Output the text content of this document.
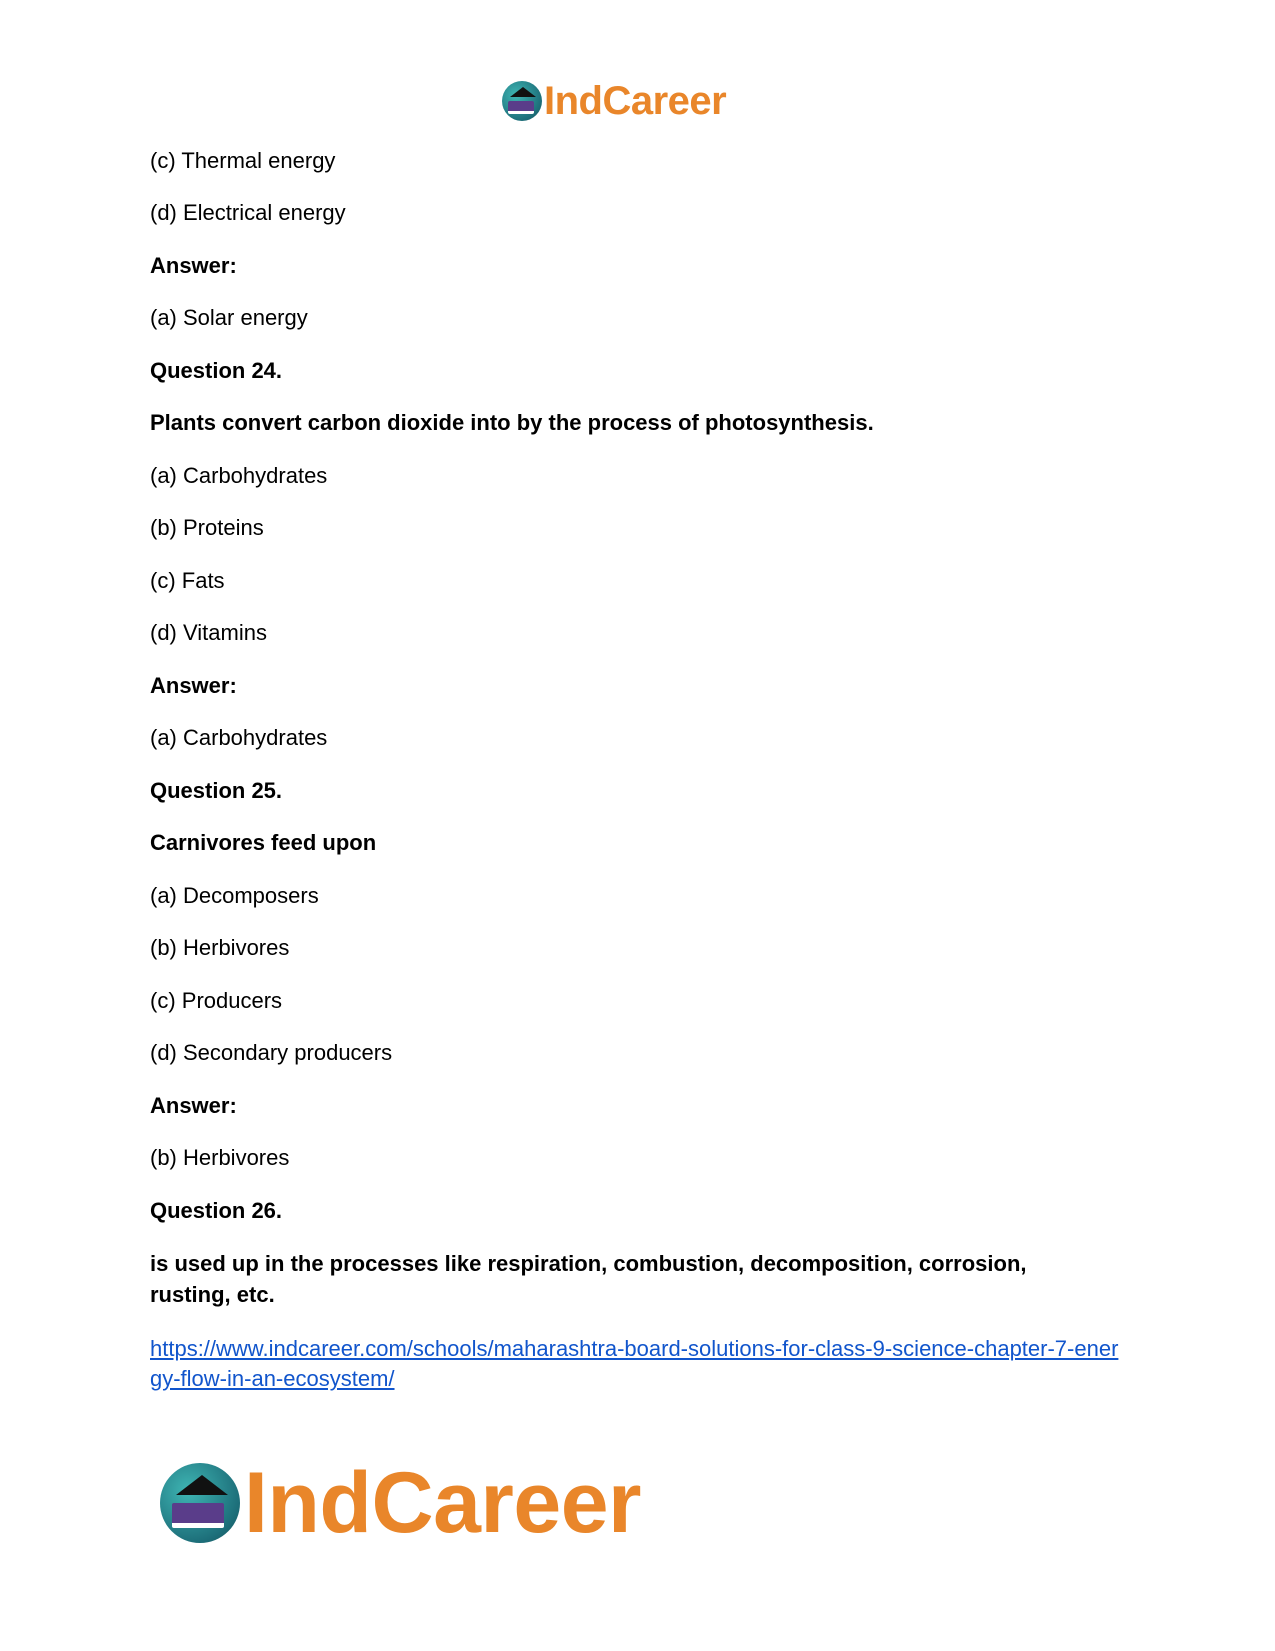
IndCareer
(c) Thermal energy
(d) Electrical energy
Answer:
(a) Solar energy
Question 24.
Plants convert carbon dioxide into by the process of photosynthesis.
(a) Carbohydrates
(b) Proteins
(c) Fats
(d) Vitamins
Answer:
(a) Carbohydrates
Question 25.
Carnivores feed upon
(a) Decomposers
(b) Herbivores
(c) Producers
(d) Secondary producers
Answer:
(b) Herbivores
Question 26.
is used up in the processes like respiration, combustion, decomposition, corrosion, rusting, etc.
https://www.indcareer.com/schools/maharashtra-board-solutions-for-class-9-science-chapter-7-energy-flow-in-an-ecosystem/
IndCareer
